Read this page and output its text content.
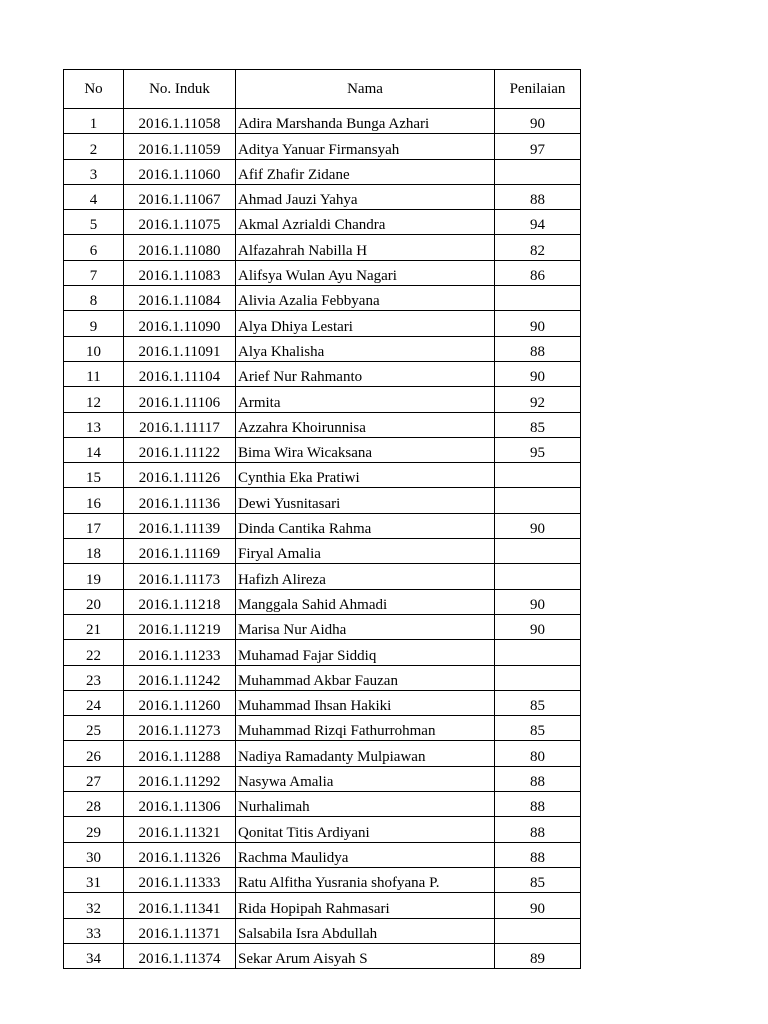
No	No. Induk	Nama	Penilaian
1	2016.1.11058	Adira Marshanda Bunga Azhari	90
2	2016.1.11059	Aditya Yanuar Firmansyah	97
3	2016.1.11060	Afif Zhafir Zidane	
4	2016.1.11067	Ahmad Jauzi Yahya	88
5	2016.1.11075	Akmal Azrialdi Chandra	94
6	2016.1.11080	Alfazahrah Nabilla H	82
7	2016.1.11083	Alifsya Wulan Ayu Nagari	86
8	2016.1.11084	Alivia Azalia Febbyana	
9	2016.1.11090	Alya Dhiya Lestari	90
10	2016.1.11091	Alya Khalisha	88
11	2016.1.11104	Arief Nur Rahmanto	90
12	2016.1.11106	Armita	92
13	2016.1.11117	Azzahra Khoirunnisa	85
14	2016.1.11122	Bima Wira Wicaksana	95
15	2016.1.11126	Cynthia Eka Pratiwi	
16	2016.1.11136	Dewi Yusnitasari	
17	2016.1.11139	Dinda Cantika Rahma	90
18	2016.1.11169	Firyal Amalia	
19	2016.1.11173	Hafizh Alireza	
20	2016.1.11218	Manggala Sahid Ahmadi	90
21	2016.1.11219	Marisa Nur Aidha	90
22	2016.1.11233	Muhamad Fajar Siddiq	
23	2016.1.11242	Muhammad Akbar Fauzan	
24	2016.1.11260	Muhammad Ihsan Hakiki	85
25	2016.1.11273	Muhammad Rizqi Fathurrohman	85
26	2016.1.11288	Nadiya Ramadanty Mulpiawan	80
27	2016.1.11292	Nasywa Amalia	88
28	2016.1.11306	Nurhalimah	88
29	2016.1.11321	Qonitat Titis Ardiyani	88
30	2016.1.11326	Rachma Maulidya	88
31	2016.1.11333	Ratu Alfitha Yusrania shofyana P.	85
32	2016.1.11341	Rida Hopipah Rahmasari	90
33	2016.1.11371	Salsabila Isra Abdullah	
34	2016.1.11374	Sekar Arum Aisyah S	89
